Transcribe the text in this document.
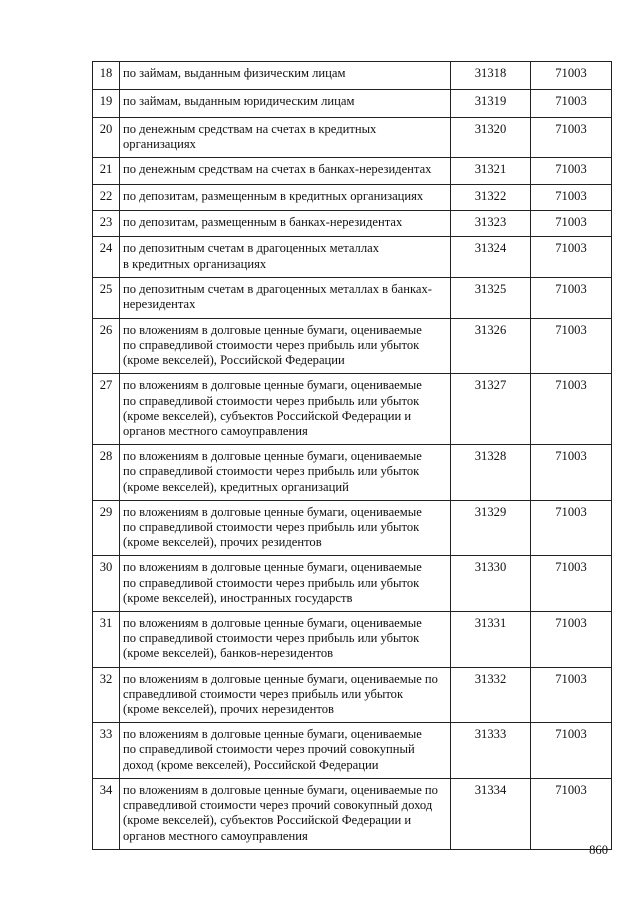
18	по займам, выданным физическим лицам	31318	71003
19	по займам, выданным юридическим лицам	31319	71003
20	по денежным средствам на счетах в кредитных
организациях	31320	71003
21	по денежным средствам на счетах в банках-нерезидентах	31321	71003
22	по депозитам, размещенным в кредитных организациях	31322	71003
23	по депозитам, размещенным в банках-нерезидентах	31323	71003
24	по депозитным счетам в драгоценных металлах
в кредитных организациях	31324	71003
25	по депозитным счетам в драгоценных металлах в банках-
нерезидентах	31325	71003
26	по вложениям в долговые ценные бумаги, оцениваемые
по справедливой стоимости через прибыль или убыток
(кроме векселей), Российской Федерации	31326	71003
27	по вложениям в долговые ценные бумаги, оцениваемые
по справедливой стоимости через прибыль или убыток
(кроме векселей), субъектов Российской Федерации и
органов местного самоуправления	31327	71003
28	по вложениям в долговые ценные бумаги, оцениваемые
по справедливой стоимости через прибыль или убыток
(кроме векселей), кредитных организаций	31328	71003
29	по вложениям в долговые ценные бумаги, оцениваемые
по справедливой стоимости через прибыль или убыток
(кроме векселей), прочих резидентов	31329	71003
30	по вложениям в долговые ценные бумаги, оцениваемые
по справедливой стоимости через прибыль или убыток
(кроме векселей), иностранных государств	31330	71003
31	по вложениям в долговые ценные бумаги, оцениваемые
по справедливой стоимости через прибыль или убыток
(кроме векселей), банков-нерезидентов	31331	71003
32	по вложениям в долговые ценные бумаги, оцениваемые по
справедливой стоимости через прибыль или убыток
(кроме векселей), прочих нерезидентов	31332	71003
33	по вложениям в долговые ценные бумаги, оцениваемые
по справедливой стоимости через прочий совокупный
доход (кроме векселей), Российской Федерации	31333	71003
34	по вложениям в долговые ценные бумаги, оцениваемые по
справедливой стоимости через прочий совокупный доход
(кроме векселей), субъектов Российской Федерации и
органов местного самоуправления	31334	71003
860
